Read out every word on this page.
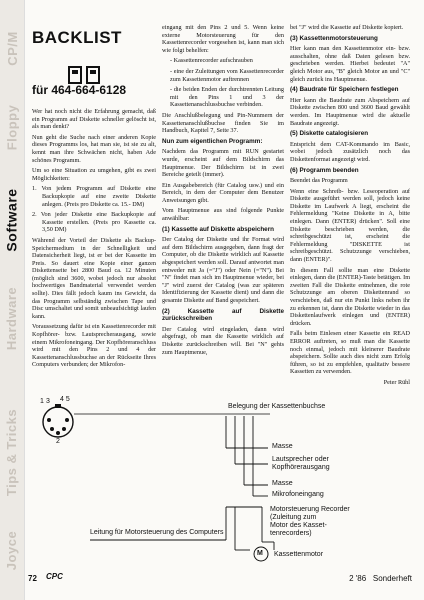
CP/M
Floppy
Software
Hardware
Tips & Tricks
Joyce
BACKLIST
für 464-664-6128

Wer hat noch nicht die Erfahrung gemacht, daß ein Programm auf Diskette schneller gelöscht ist, als man denkt?

Nun geht die Suche nach einer anderen Kopie dieses Programms los, hat man sie, ist sie zu alt, kennt man ihre Schwächen nicht, haben Ade schönes Programm.

Um so eine Situation zu umgehen, gibt es zwei Möglichkeiten:

1. Von jedem Programm auf Diskette eine Backupkopie auf eine zweite Diskette anlegen. (Preis pro Diskette ca. 15.- DM)

2. Von jeder Diskette eine Backupkopie auf Kassette erstellen. (Preis pro Kassette ca. 3,50 DM)

Während der Vorteil der Diskette als Backup-Speichermedium in der Schnelligkeit und Datensicherheit liegt, ist er bei der Kassette im Preis. So dauert eine Kopie einer ganzen Diskettenseite bei 2800 Baud ca. 12 Minuten (möglich sind 3600, wobei jedoch nur absolut hochwertiges Bandmaterial verwendet werden sollte). Dies fällt jedoch kaum ins Gewicht, da das Programm selbständig zwischen Tape und Disc umschaltet und somit unbeaufsichtigt laufen kann.

Voraussetzung dafür ist ein Kassettenrecorder mit Kopfhörer- bzw. Lautsprecherausgang, sowie einem Mikrofoneingang. Der Kopfhöreranschluss wird mit den Pins 2 und 4 der Kassettenanschlussbuchse an der Rückseite Ihres Computers verbunden; der Mikrofon-

eingang mit den Pins 2 und 5. Wenn keine externe Motorsteuerung für den Kassettenrecorder vorgesehen ist, kann man sich wie folgt behelfen:

- Kassettenrecorder aufschrauben

- eine der Zuleitungen vom Kassettenrecorder zum Kassettenmotor auftrennen

- die beiden Enden der durchtrennten Leitung mit den Pins 1 und 3 der Kassettenanschlussbuchse verbinden.

Die Anschlußbelegung und Pin-Nummern der Kassettenanschlußbuchse finden Sie im Handbuch, Kapitel 7, Seite 37.

Nun zum eigentlichen Programm:

Nachdem das Programm mit RUN gestartet wurde, erscheint auf dem Bildschirm das Hauptmenue. Der Bildschirm ist in zwei Bereiche geteilt (immer).

Ein Ausgabebereich (für Catalog usw.) und ein Bereich, in dem der Computer dem Benutzer Anweisungen gibt.

Vom Hauptmenue aus sind folgende Punkte anwählbar:

(1) Kassette auf Diskette abspeichern

Der Catalog der Diskette und ihr Format wird auf dem Bildschirm ausgegeben, dann fragt der Computer, ob die Diskette wirklich auf Kassette abgespeichert werden soll. Darauf antwortet man entweder mit Ja (="J") oder Nein (="N"). Bei "N" findet man sich im Hauptmenue wieder, bei "J" wird zuerst der Catalog (was zur späteren Identifizierung der Kassette dient) und dann die gesamte Diskette auf Band gespeichert.

(2) Kassette auf Diskette zurückschreiben

Der Catalog wird eingeladen, dann wird abgefragt, ob man die Kassette wirklich auf Diskette zurückschreiben will. Bei "N" gehts zum Hauptmenue,

bei "J" wird die Kassette auf Diskette kopiert.

(3) Kassettenmotorsteuerung

Hier kann man den Kassettenmotor ein- bzw. ausschalten, ohne daß Daten gelesen bzw. geschrieben werden. Hierbei bedeutet "A" gleich Motor aus, "B" gleich Motor an und "C" gleich zurück ins Hauptmenue.

(4) Baudrate für Speichern festlegen

Hier kann die Baudrate zum Abspeichern auf Diskette zwischen 800 und 3600 Baud gewählt werden. Im Hauptmenue wird die aktuelle Baudrate angezeigt.

(5) Diskette catalogisieren

Entspricht dem CAT-Kommando im Basic, wobei jedoch zusätzlich noch das Diskettenformat angezeigt wird.

(6) Programm beenden

Beendet das Programm

Wenn eine Schreib- bzw. Leseoperation auf Diskette ausgeführt werden soll, jedoch keine Diskette im Laufwerk A liegt, erscheint die Fehlermeldung "Keine Diskette in A, bitte einlegen. Dann (ENTER) drücken". Soll eine Diskette beschrieben werden, die schreibgeschützt ist, erscheint die Fehlermeldung "DISKETTE ist schreibgeschützt. Schutzzunge verschieben, dann (ENTER)".

In diesem Fall sollte man eine Diskette einlegen, dann die (ENTER)-Taste betätigen. Im zweiten Fall die Diskette entnehmen, die rote Schutzzunge am oberen Diskettenrand so verschieben, daß nur ein Punkt links neben ihr zu erkennen ist, dann die Diskette wieder in das Diskettenlaufwerk einlegen und (ENTER) drücken.

Falls beim Einlesen einer Kassette ein READ ERROR auftreten, so muß man die Kassette noch einmal, jedoch mit kleinerer Baudrate abspeichern. Sollte auch dies nicht zum Erfolg führen, so ist zu empfehlen, qualitativ bessere Kassetten zu verwenden.

Peter Rühl

1 3 4 5
2
Belegung der Kassettenbuchse
Masse
Lautsprecher oder
Kopfhörerausgang
Masse
Mikrofoneingang
Motorsteuerung Recorder
(Zuleitung zum
Motor des Kasset-
tenrecorders)
Leitung für Motorsteuerung des Computers
M Kassettenmotor
72 CPC	2 '86   Sonderheft
